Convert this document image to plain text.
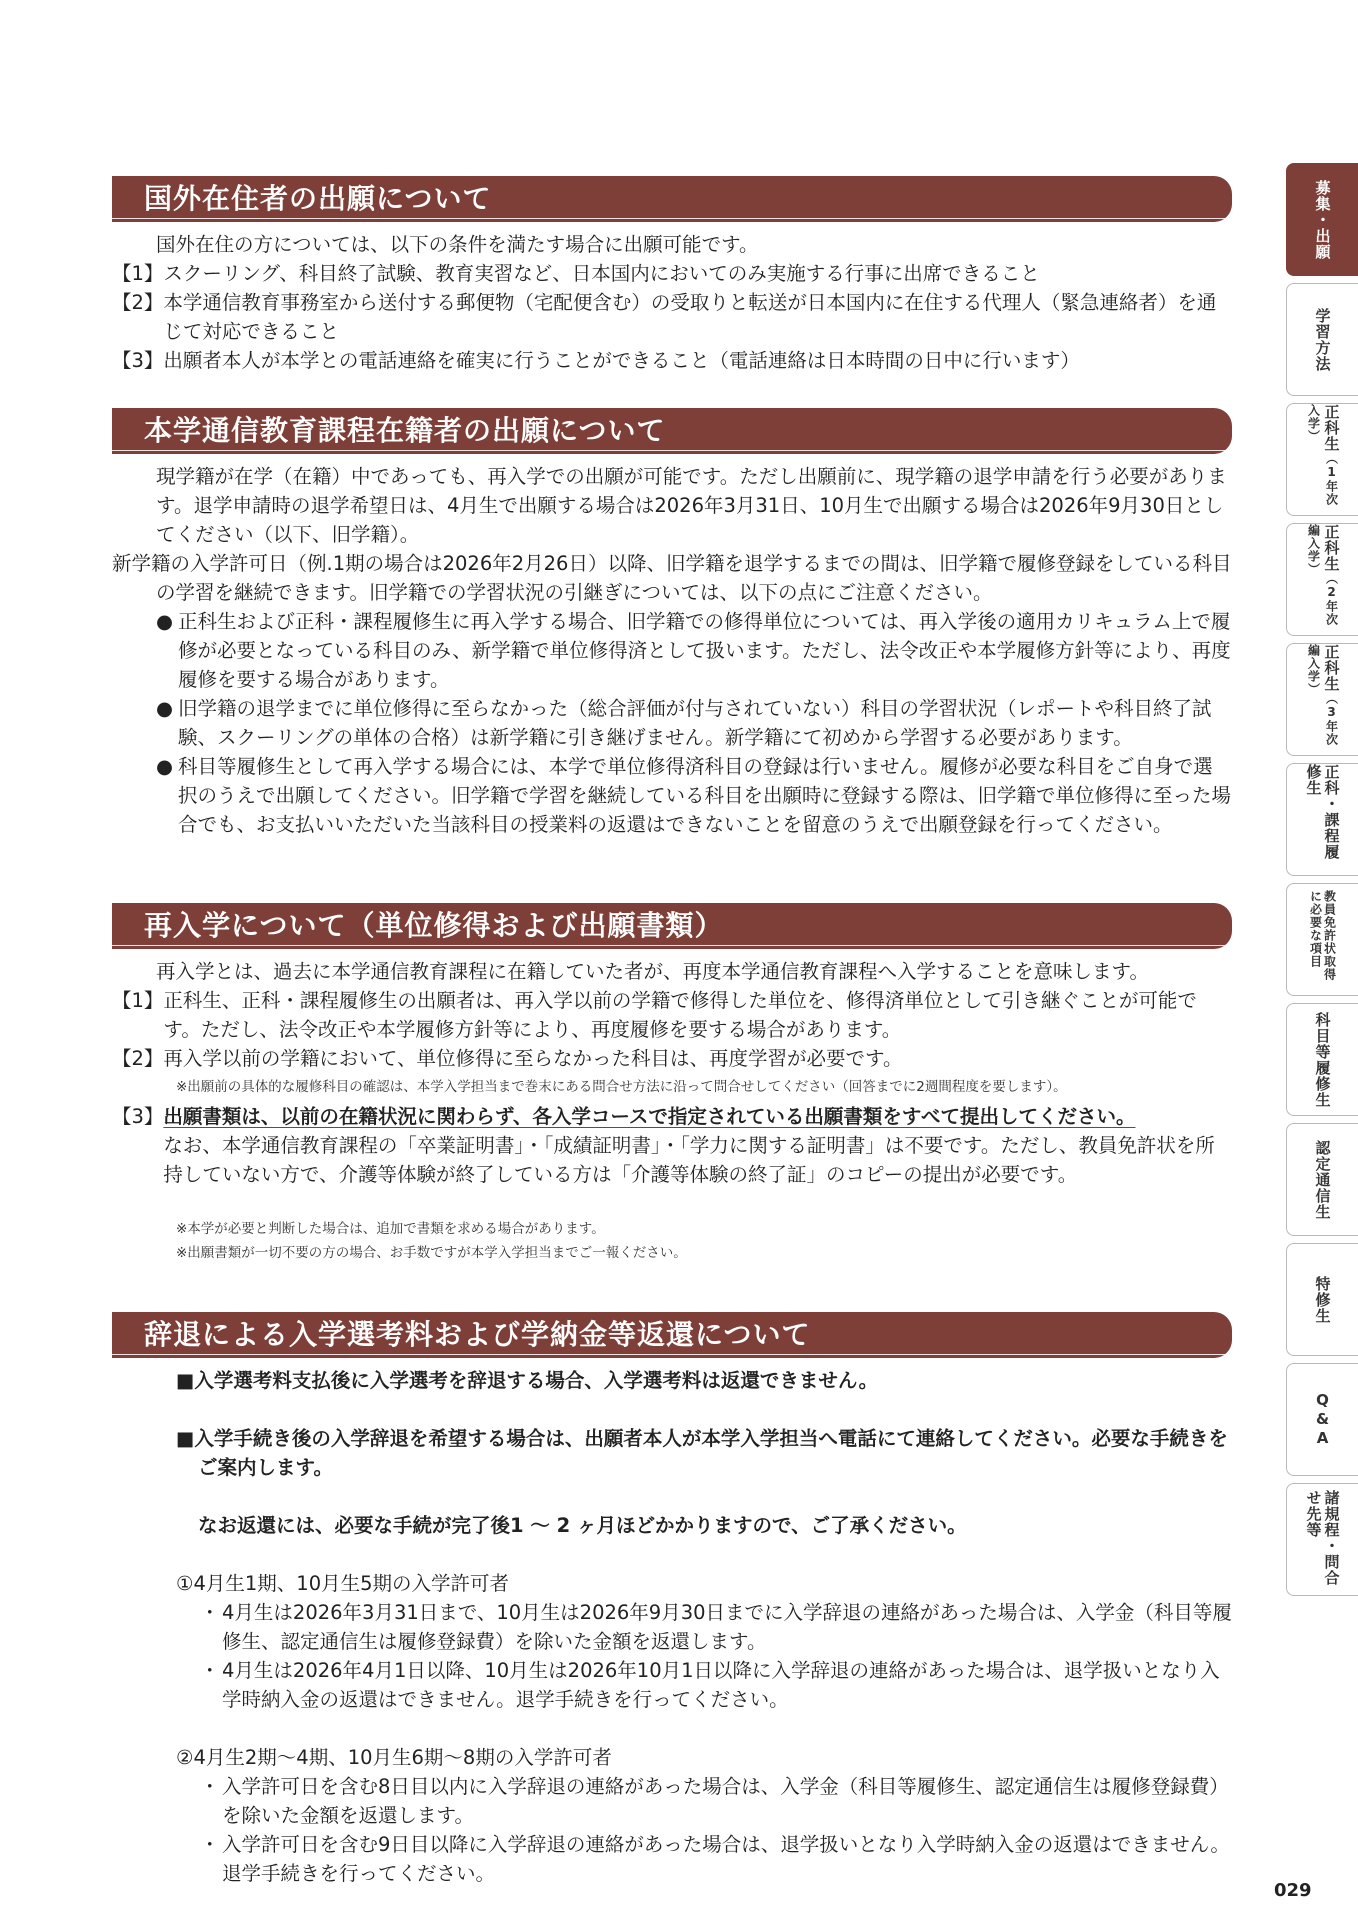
国外在住者の出願について
国外在住の方については、以下の条件を満たす場合に出願可能です。
【1】 スクーリング、科目終了試験、教育実習など、日本国内においてのみ実施する行事に出席できること
【2】 本学通信教育事務室から送付する郵便物（宅配便含む）の受取りと転送が日本国内に在住する代理人（緊急連絡者）を通じて対応できること
【3】 出願者本人が本学との電話連絡を確実に行うことができること（電話連絡は日本時間の日中に行います）
本学通信教育課程在籍者の出願について
現学籍が在学（在籍）中であっても、再入学での出願が可能です。ただし出願前に、現学籍の退学申請を行う必要があります。退学申請時の退学希望日は、4月生で出願する場合は2026年3月31日、10月生で出願する場合は2026年9月30日としてください（以下、旧学籍）。
新学籍の入学許可日（例.1期の場合は2026年2月26日）以降、旧学籍を退学するまでの間は、旧学籍で履修登録をしている科目の学習を継続できます。旧学籍での学習状況の引継ぎについては、以下の点にご注意ください。
● 正科生および正科・課程履修生に再入学する場合、旧学籍での修得単位については、再入学後の適用カリキュラム上で履修が必要となっている科目のみ、新学籍で単位修得済として扱います。ただし、法令改正や本学履修方針等により、再度履修を要する場合があります。
● 旧学籍の退学までに単位修得に至らなかった（総合評価が付与されていない）科目の学習状況（レポートや科目終了試験、スクーリングの単体の合格）は新学籍に引き継げません。新学籍にて初めから学習する必要があります。
● 科目等履修生として再入学する場合には、本学で単位修得済科目の登録は行いません。履修が必要な科目をご自身で選択のうえで出願してください。旧学籍で学習を継続している科目を出願時に登録する際は、旧学籍で単位修得に至った場合でも、お支払いいただいた当該科目の授業料の返還はできないことを留意のうえで出願登録を行ってください。
再入学について（単位修得および出願書類）
再入学とは、過去に本学通信教育課程に在籍していた者が、再度本学通信教育課程へ入学することを意味します。
【1】 正科生、正科・課程履修生の出願者は、再入学以前の学籍で修得した単位を、修得済単位として引き継ぐことが可能です。ただし、法令改正や本学履修方針等により、再度履修を要する場合があります。
【2】 再入学以前の学籍において、単位修得に至らなかった科目は、再度学習が必要です。
※出願前の具体的な履修科目の確認は、本学入学担当まで巻末にある問合せ方法に沿って問合せしてください（回答までに2週間程度を要します）。
【3】 出願書類は、以前の在籍状況に関わらず、各入学コースで指定されている出願書類をすべて提出してください。
なお、本学通信教育課程の「卒業証明書」・「成績証明書」・「学力に関する証明書」は不要です。ただし、教員免許状を所持していない方で、介護等体験が終了している方は「介護等体験の終了証」のコピーの提出が必要です。
※本学が必要と判断した場合は、追加で書類を求める場合があります。
※出願書類が一切不要の方の場合、お手数ですが本学入学担当までご一報ください。
辞退による入学選考料および学納金等返還について
■入学選考料支払後に入学選考を辞退する場合、入学選考料は返還できません。
■入学手続き後の入学辞退を希望する場合は、出願者本人が本学入学担当へ電話にて連絡してください。必要な手続きをご案内します。
なお返還には、必要な手続が完了後1 ～ 2 ヶ月ほどかかりますので、ご了承ください。
①4月生1期、10月生5期の入学許可者
・ 4月生は2026年3月31日まで、10月生は2026年9月30日までに入学辞退の連絡があった場合は、入学金（科目等履修生、認定通信生は履修登録費）を除いた金額を返還します。
・ 4月生は2026年4月1日以降、10月生は2026年10月1日以降に入学辞退の連絡があった場合は、退学扱いとなり入学時納入金の返還はできません。退学手続きを行ってください。
②4月生2期～4期、10月生6期～8期の入学許可者
・ 入学許可日を含む8日目以内に入学辞退の連絡があった場合は、入学金（科目等履修生、認定通信生は履修登録費）を除いた金額を返還します。
・ 入学許可日を含む9日目以降に入学辞退の連絡があった場合は、退学扱いとなり入学時納入金の返還はできません。退学手続きを行ってください。
募集・出願
学習方法
正科生（1年次入学）
正科生（2年次編入学）
正科生（3年次編入学）
正科・課程履修生
教員免許状取得に必要な項目
科目等履修生
認定通信生
特修生
Q&A
諸規程・問合せ先等
029
